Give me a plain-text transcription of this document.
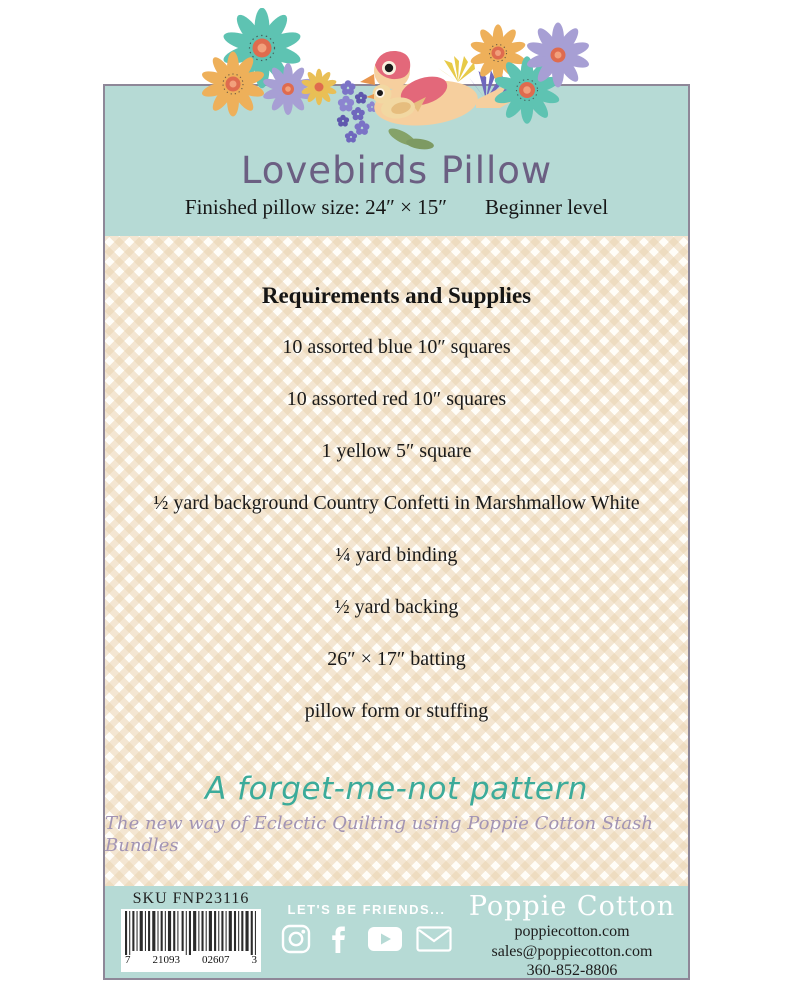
Lovebirds Pillow
Finished pillow size: 24″ × 15″ Beginner level
Requirements and Supplies
10 assorted blue 10″ squares
10 assorted red 10″ squares
1 yellow 5″ square
½ yard background Country Confetti in Marshmallow White
¼ yard binding
½ yard backing
26″ × 17″ batting
pillow form or stuffing
A forget-me-not pattern
The new way of Eclectic Quilting using Poppie Cotton Stash Bundles
SKU FNP23116
7 21093 02607 3
LET'S BE FRIENDS... Poppie Cotton
poppiecotton.com
sales@poppiecotton.com
360-852-8806
